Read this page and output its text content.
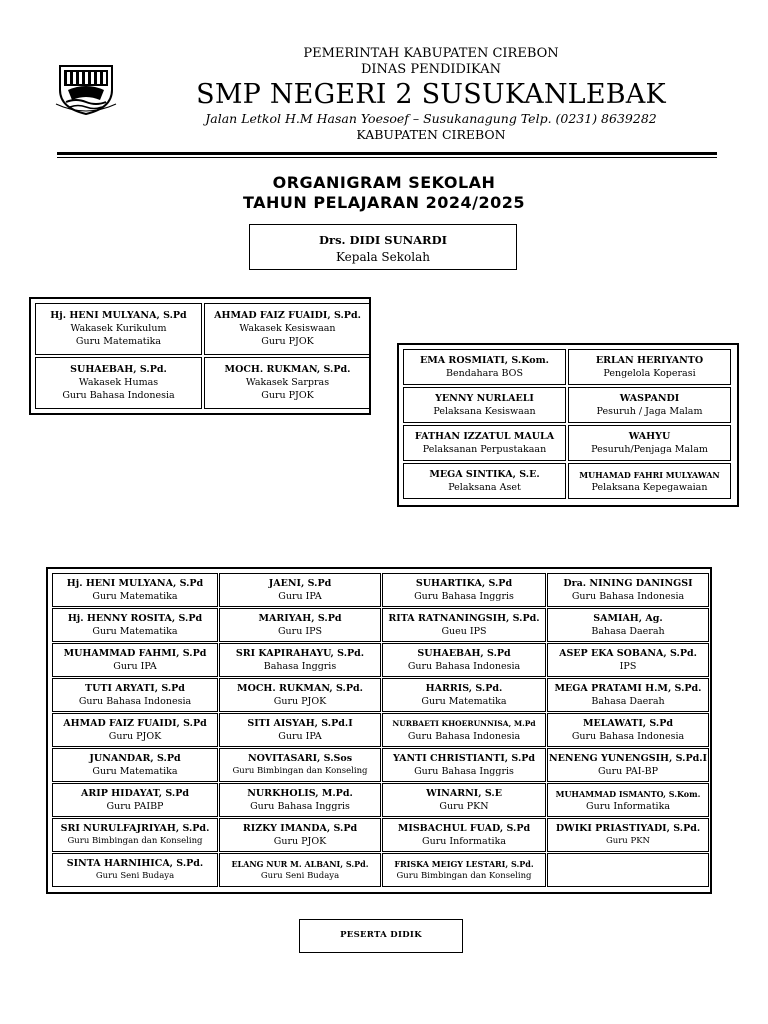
PEMERINTAH KABUPATEN CIREBON
DINAS PENDIDIKAN
SMP NEGERI 2 SUSUKANLEBAK
Jalan Letkol H.M Hasan Yoesoef – Susukanagung Telp. (0231) 8639282
KABUPATEN CIREBON
ORGANIGRAM SEKOLAH
TAHUN PELAJARAN 2024/2025
Drs. DIDI SUNARDI
Kepala Sekolah
Hj. HENI MULYANA, S.Pd
Wakasek Kurikulum
Guru Matematika
AHMAD FAIZ FUAIDI, S.Pd.
Wakasek Kesiswaan
Guru PJOK
SUHAEBAH, S.Pd.
Wakasek Humas
Guru Bahasa Indonesia
MOCH. RUKMAN, S.Pd.
Wakasek Sarpras
Guru PJOK
EMA ROSMIATI, S.Kom.
Bendahara BOS
ERLAN HERIYANTO
Pengelola Koperasi
YENNY NURLAELI
Pelaksana Kesiswaan
WASPANDI
Pesuruh / Jaga Malam
FATHAN IZZATUL MAULA
Pelaksanan Perpustakaan
WAHYU
Pesuruh/Penjaga Malam
MEGA SINTIKA, S.E.
Pelaksana Aset
MUHAMAD FAHRI MULYAWAN
Pelaksana Kepegawaian
Hj. HENI MULYANA, S.Pd
Guru Matematika
JAENI, S.Pd
Guru IPA
SUHARTIKA, S.Pd
Guru Bahasa Inggris
Dra. NINING DANINGSI
Guru Bahasa Indonesia
Hj. HENNY ROSITA, S.Pd
Guru Matematika
MARIYAH, S.Pd
Guru IPS
RITA RATNANINGSIH, S.Pd.
Gueu IPS
SAMIAH, Ag.
Bahasa Daerah
MUHAMMAD FAHMI, S.Pd
Guru IPA
SRI KAPIRAHAYU, S.Pd.
Bahasa Inggris
SUHAEBAH, S.Pd
Guru Bahasa Indonesia
ASEP EKA SOBANA, S.Pd.
IPS
TUTI ARYATI, S.Pd
Guru Bahasa Indonesia
MOCH. RUKMAN, S.Pd.
Guru PJOK
HARRIS, S.Pd.
Guru Matematika
MEGA PRATAMI H.M, S.Pd.
Bahasa Daerah
AHMAD FAIZ FUAIDI, S.Pd
Guru PJOK
SITI AISYAH, S.Pd.I
Guru IPA
NURBAETI KHOERUNNISA, M.Pd
Guru Bahasa Indonesia
MELAWATI, S.Pd
Guru Bahasa Indonesia
JUNANDAR, S.Pd
Guru Matematika
NOVITASARI, S.Sos
Guru Bimbingan dan Konseling
YANTI CHRISTIANTI, S.Pd
Guru Bahasa Inggris
NENENG YUNENGSIH, S.Pd.I
Guru PAI-BP
ARIP HIDAYAT, S.Pd
Guru PAIBP
NURKHOLIS, M.Pd.
Guru Bahasa Inggris
WINARNI, S.E
Guru PKN
MUHAMMAD ISMANTO, S.Kom.
Guru Informatika
SRI NURULFAJRIYAH, S.Pd.
Guru Bimbingan dan Konseling
RIZKY IMANDA, S.Pd
Guru PJOK
MISBACHUL FUAD, S.Pd
Guru Informatika
DWIKI PRIASTIYADI, S.Pd.
Guru PKN
SINTA HARNIHICA, S.Pd.
Guru Seni Budaya
ELANG NUR M. ALBANI, S.Pd.
Guru Seni Budaya
FRISKA MEIGY LESTARI, S.Pd.
Guru Bimbingan dan Konseling
PESERTA DIDIK
